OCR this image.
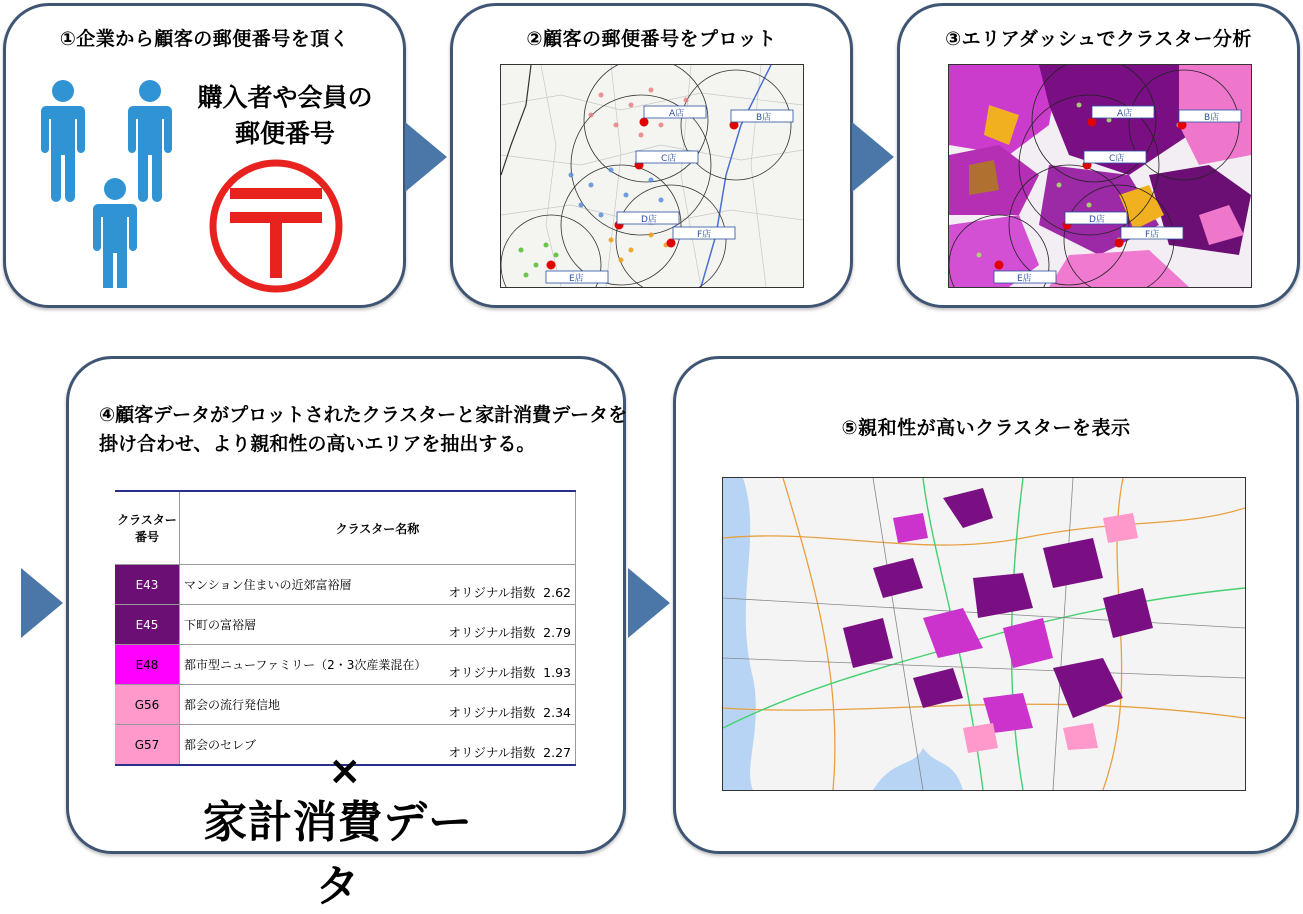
①企業から顧客の郵便番号を頂く
購入者や会員の
郵便番号
②顧客の郵便番号をプロット
A店	B店
C店
D店
F店
E店
③エリアダッシュでクラスター分析
A店	B店
C店
D店
F店
E店
④顧客データがプロットされたクラスターと家計消費データを掛け合わせ、より親和性の高いエリアを抽出する。
クラスター番号	クラスター名称	
E43	マンション住まいの近郊富裕層	オリジナル指数 2.62
E45	下町の富裕層	オリジナル指数 2.79
E48	都市型ニューファミリー（2・3次産業混在）	オリジナル指数 1.93
G56	都会の流行発信地	オリジナル指数 2.34
G57	都会のセレブ	オリジナル指数 2.27
×
家計消費データ
⑤親和性が高いクラスターを表示
